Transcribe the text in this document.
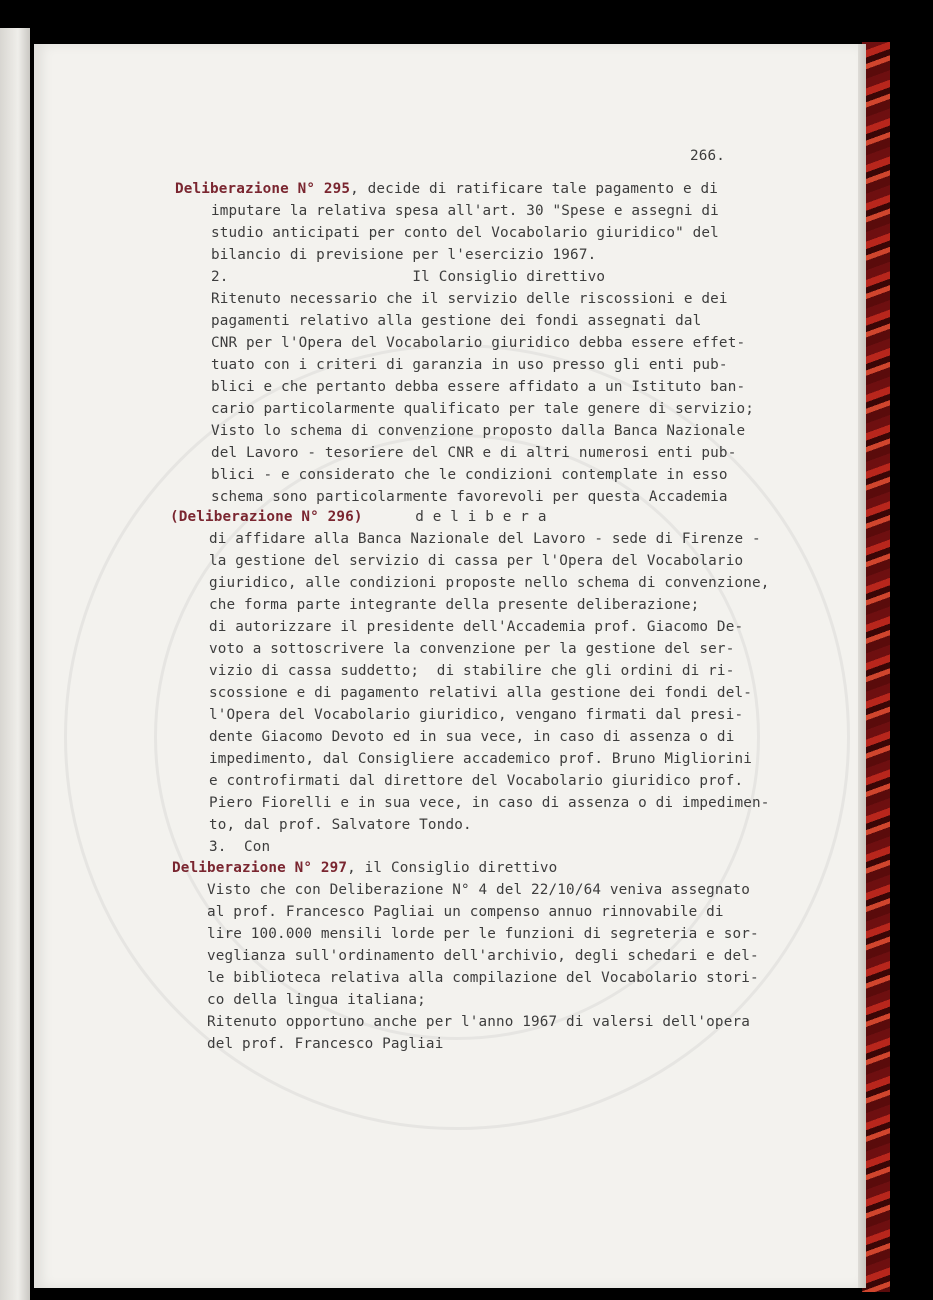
266.
Deliberazione N° 295, decide di ratificare tale pagamento e di
imputare la relativa spesa all'art. 30 "Spese e assegni di
studio anticipati per conto del Vocabolario giuridico" del
bilancio di previsione per l'esercizio 1967.
2.                     Il Consiglio direttivo
Ritenuto necessario che il servizio delle riscossioni e dei
pagamenti relativo alla gestione dei fondi assegnati dal
CNR per l'Opera del Vocabolario giuridico debba essere effet-
tuato con i criteri di garanzia in uso presso gli enti pub-
blici e che pertanto debba essere affidato a un Istituto ban-
cario particolarmente qualificato per tale genere di servizio;
Visto lo schema di convenzione proposto dalla Banca Nazionale
del Lavoro - tesoriere del CNR e di altri numerosi enti pub-
blici - e considerato che le condizioni contemplate in esso
schema sono particolarmente favorevoli per questa Accademia
(Deliberazione N° 296)      d e l i b e r a
di affidare alla Banca Nazionale del Lavoro - sede di Firenze -
la gestione del servizio di cassa per l'Opera del Vocabolario
giuridico, alle condizioni proposte nello schema di convenzione,
che forma parte integrante della presente deliberazione;
di autorizzare il presidente dell'Accademia prof. Giacomo De-
voto a sottoscrivere la convenzione per la gestione del ser-
vizio di cassa suddetto;  di stabilire che gli ordini di ri-
scossione e di pagamento relativi alla gestione dei fondi del-
l'Opera del Vocabolario giuridico, vengano firmati dal presi-
dente Giacomo Devoto ed in sua vece, in caso di assenza o di
impedimento, dal Consigliere accademico prof. Bruno Migliorini
e controfirmati dal direttore del Vocabolario giuridico prof.
Piero Fiorelli e in sua vece, in caso di assenza o di impedimen-
to, dal prof. Salvatore Tondo.
3.  Con
Deliberazione N° 297, il Consiglio direttivo
Visto che con Deliberazione N° 4 del 22/10/64 veniva assegnato
al prof. Francesco Pagliai un compenso annuo rinnovabile di
lire 100.000 mensili lorde per le funzioni di segreteria e sor-
veglianza sull'ordinamento dell'archivio, degli schedari e del-
le biblioteca relativa alla compilazione del Vocabolario stori-
co della lingua italiana;
Ritenuto opportuno anche per l'anno 1967 di valersi dell'opera
del prof. Francesco Pagliai
